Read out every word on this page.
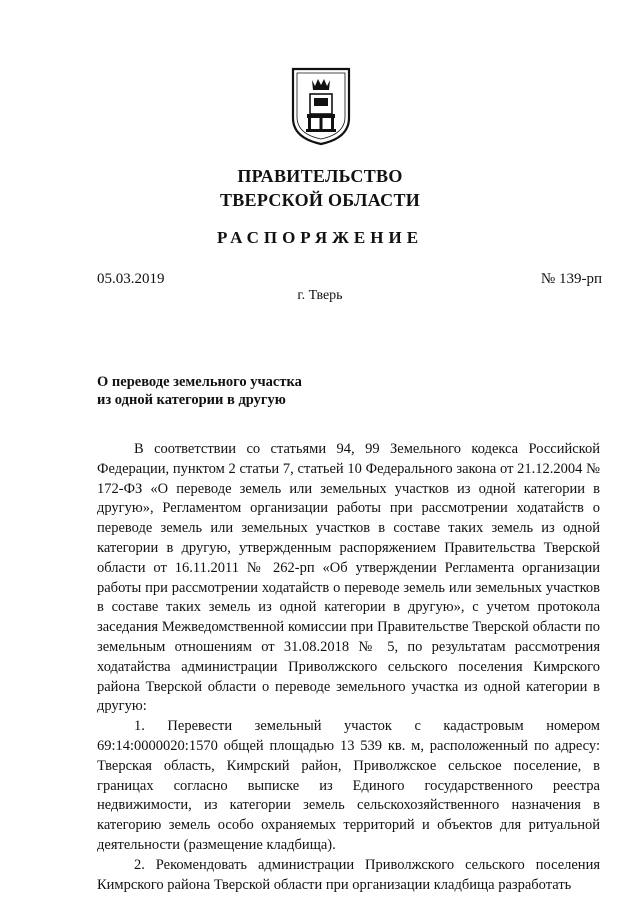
ПРАВИТЕЛЬСТВО
ТВЕРСКОЙ ОБЛАСТИ
РАСПОРЯЖЕНИЕ
05.03.2019	№ 139-рп
г. Тверь
О переводе земельного участка
из одной категории в другую

В соответствии со статьями 94, 99 Земельного кодекса Российской Федерации, пунктом 2 статьи 7, статьей 10 Федерального закона от 21.12.2004 № 172-ФЗ «О переводе земель или земельных участков из одной категории в другую», Регламентом организации работы при рассмотрении ходатайств о переводе земель или земельных участков в составе таких земель из одной категории в другую, утвержденным распоряжением Правительства Тверской области от 16.11.2011 № 262-рп «Об утверждении Регламента организации работы при рассмотрении ходатайств о переводе земель или земельных участков в составе таких земель из одной категории в другую», с учетом протокола заседания Межведомственной комиссии при Правительстве Тверской области по земельным отношениям от 31.08.2018 № 5, по результатам рассмотрения ходатайства администрации Приволжского сельского поселения Кимрского района Тверской области о переводе земельного участка из одной категории в другую:

1. Перевести земельный участок с кадастровым номером 69:14:0000020:1570 общей площадью 13 539 кв. м, расположенный по адресу: Тверская область, Кимрский район, Приволжское сельское поселение, в границах согласно выписке из Единого государственного реестра недвижимости, из категории земель сельскохозяйственного назначения в категорию земель особо охраняемых территорий и объектов для ритуальной деятельности (размещение кладбища).

2. Рекомендовать администрации Приволжского сельского поселения Кимрского района Тверской области при организации кладбища разработать
